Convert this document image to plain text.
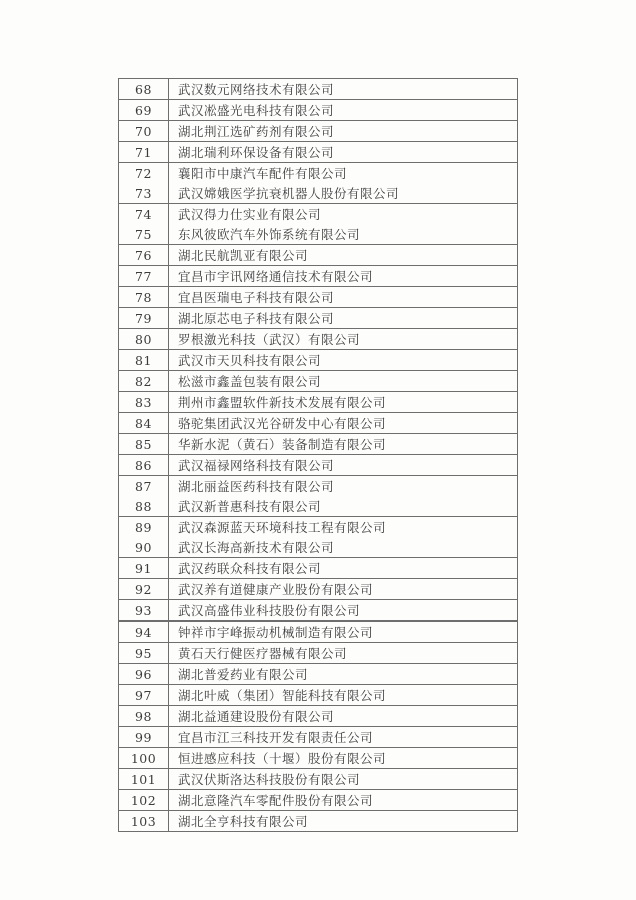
68	武汉数元网络技术有限公司
69	武汉凇盛光电科技有限公司
70	湖北荆江选矿药剂有限公司
71	湖北瑞利环保设备有限公司
72	襄阳市中康汽车配件有限公司
73	武汉嫦娥医学抗衰机器人股份有限公司
74	武汉得力仕实业有限公司
75	东风彼欧汽车外饰系统有限公司
76	湖北民航凯亚有限公司
77	宜昌市宇讯网络通信技术有限公司
78	宜昌医瑞电子科技有限公司
79	湖北原芯电子科技有限公司
80	罗根激光科技（武汉）有限公司
81	武汉市天贝科技有限公司
82	松滋市鑫盖包装有限公司
83	荆州市鑫盟软件新技术发展有限公司
84	骆驼集团武汉光谷研发中心有限公司
85	华新水泥（黄石）装备制造有限公司
86	武汉福禄网络科技有限公司
87	湖北丽益医药科技有限公司
88	武汉新普惠科技有限公司
89	武汉森源蓝天环境科技工程有限公司
90	武汉长海高新技术有限公司
91	武汉药联众科技有限公司
92	武汉养有道健康产业股份有限公司
93	武汉高盛伟业科技股份有限公司
94	钟祥市宇峰振动机械制造有限公司
95	黄石天行健医疗器械有限公司
96	湖北普爱药业有限公司
97	湖北叶威（集团）智能科技有限公司
98	湖北益通建设股份有限公司
99	宜昌市江三科技开发有限责任公司
100	恒进感应科技（十堰）股份有限公司
101	武汉伏斯洛达科技股份有限公司
102	湖北意隆汽车零配件股份有限公司
103	湖北全亨科技有限公司
